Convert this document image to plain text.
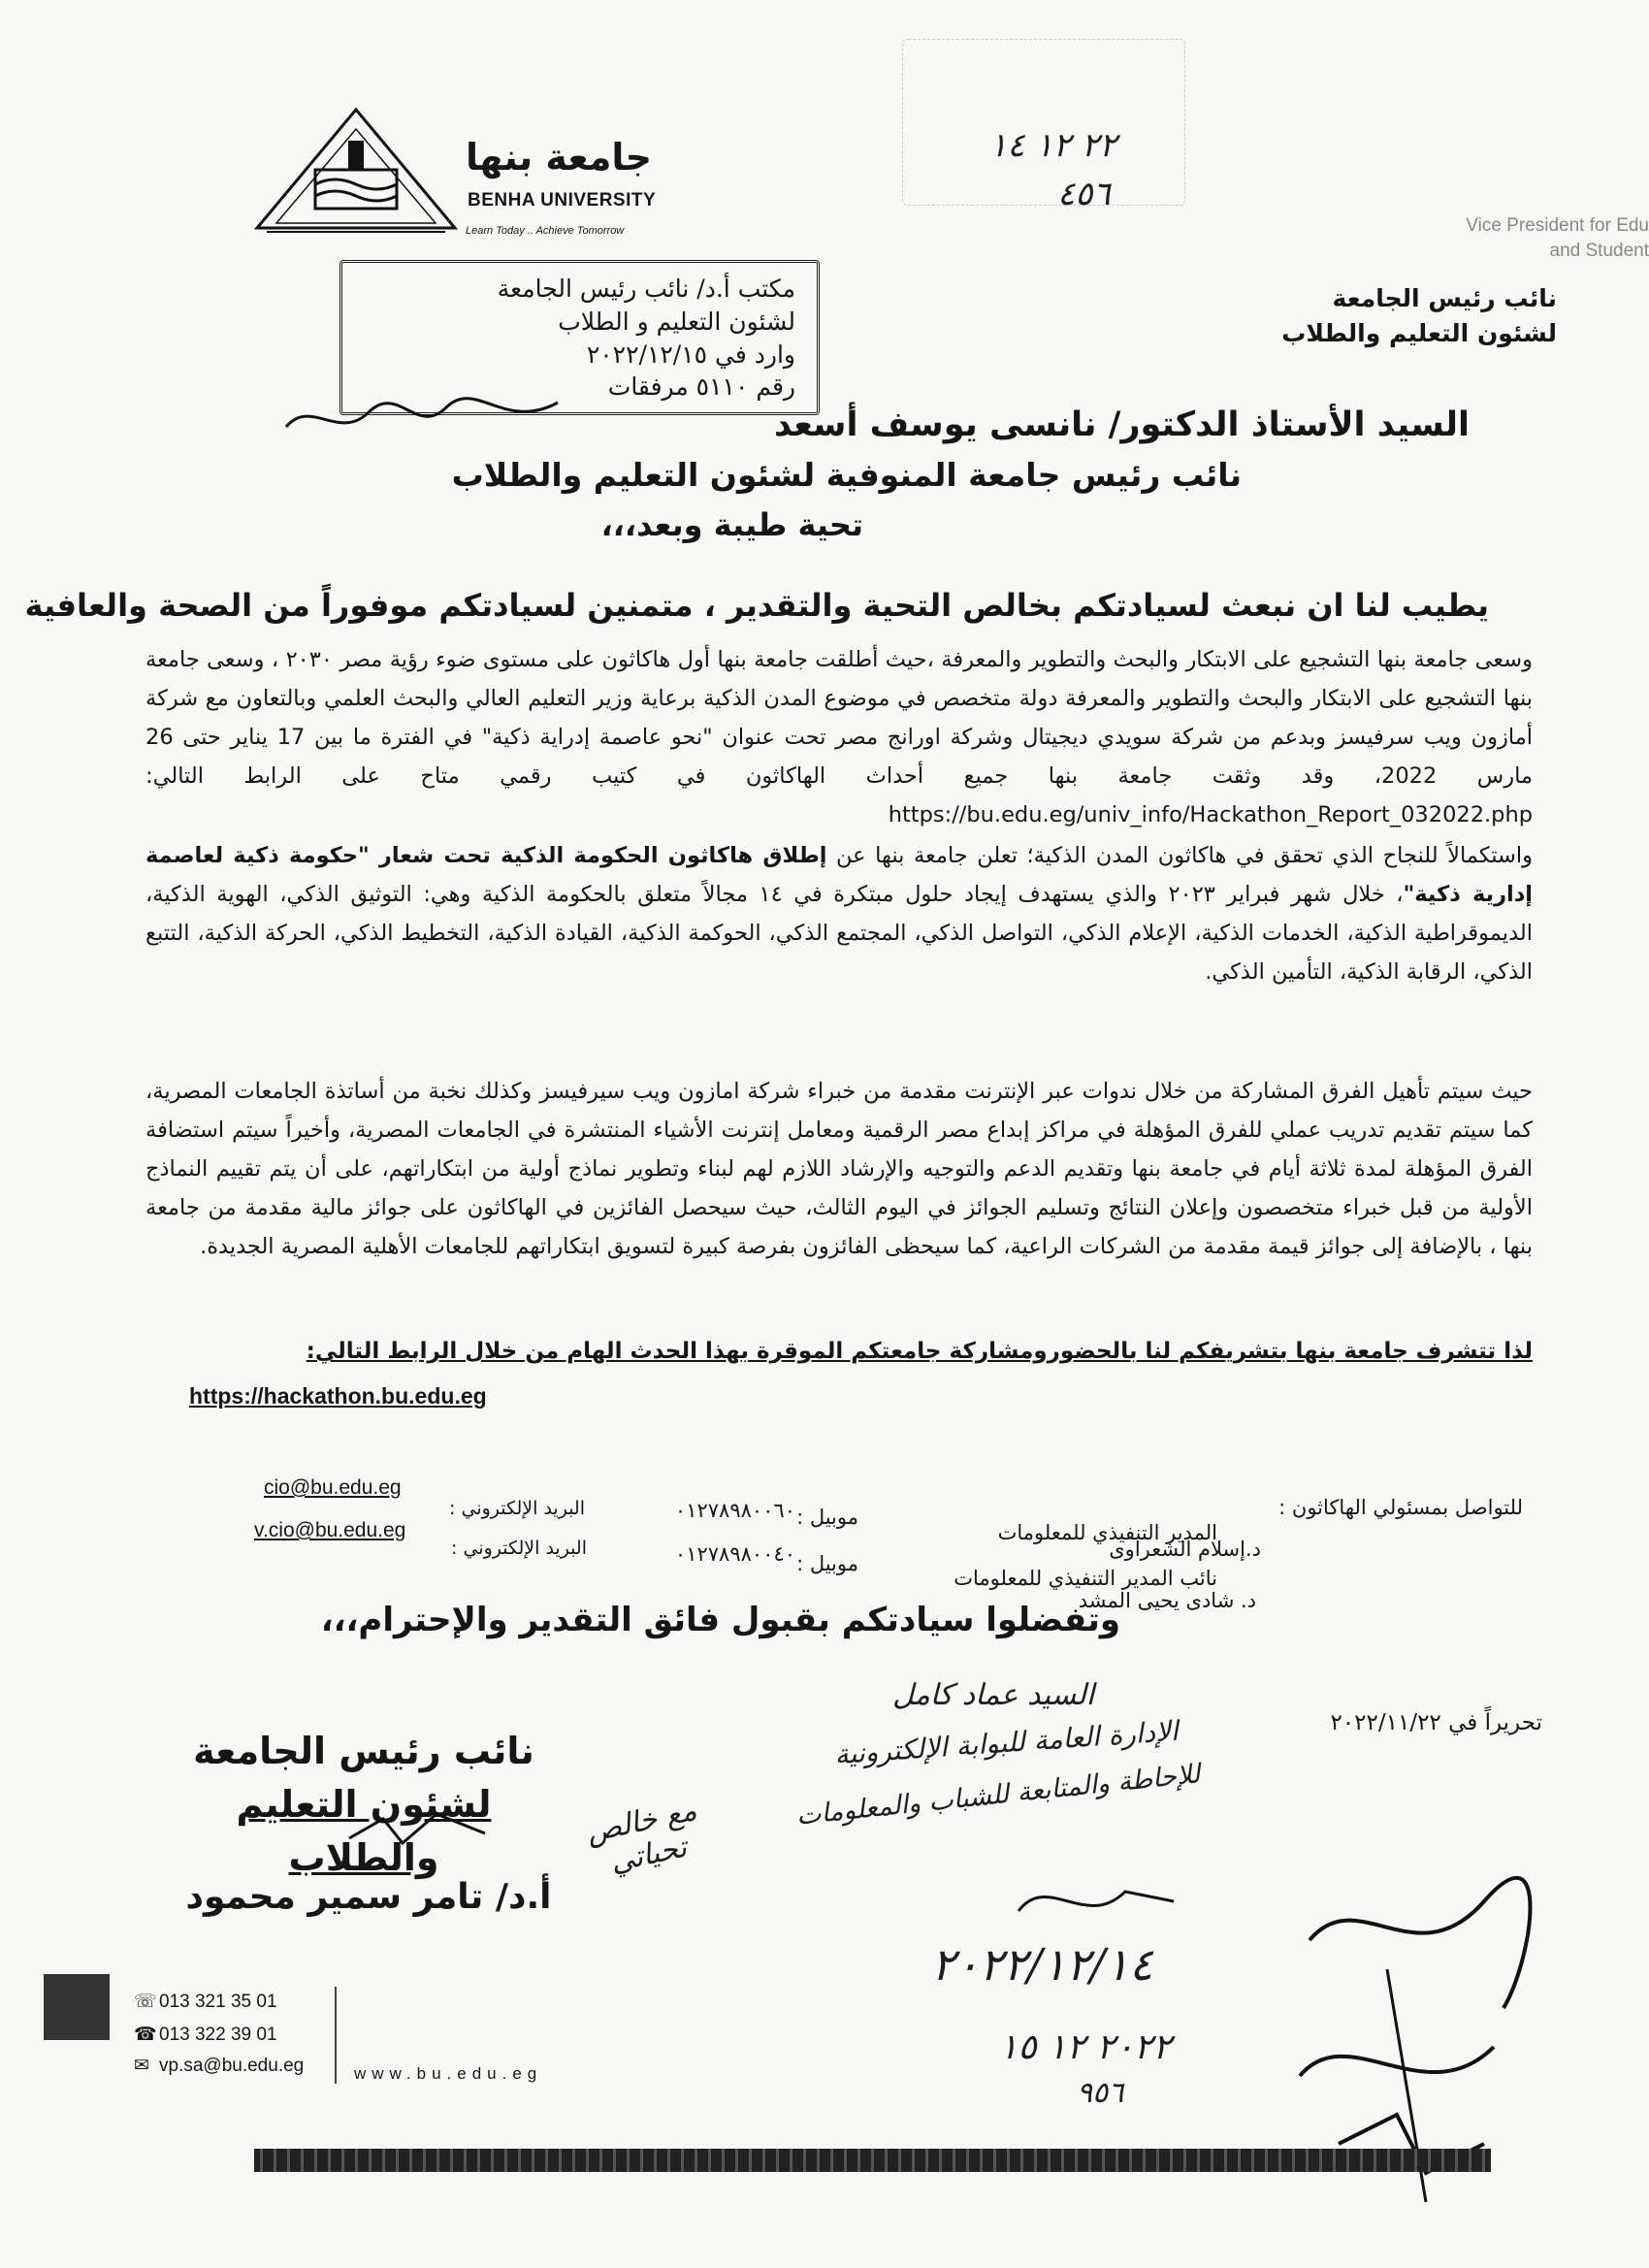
جامعة بنها
BENHA UNIVERSITY
Learn Today .. Achieve Tomorrow
٢٢ ١٢ ١٤
٤٥٦
Vice President for Edu
and Student
نائب رئيس الجامعة
لشئون التعليم والطلاب
مكتب أ.د/ نائب رئيس الجامعة
لشئون التعليم و الطلاب
وارد في ٢٠٢٢/١٢/١٥
رقم ٥١١٠ مرفقات
السيد الأستاذ الدكتور/ نانسى يوسف أسعد
نائب رئيس جامعة المنوفية لشئون التعليم والطلاب
تحية طيبة وبعد،،،
يطيب لنا ان نبعث لسيادتكم بخالص التحية والتقدير ، متمنين لسيادتكم موفوراً من الصحة والعافية
وسعى جامعة بنها التشجيع على الابتكار والبحث والتطوير والمعرفة ،حيث أطلقت جامعة بنها أول هاكاثون على مستوى ضوء رؤية مصر ٢٠٣٠ ، وسعى جامعة بنها التشجيع على الابتكار والبحث والتطوير والمعرفة دولة متخصص في موضوع المدن الذكية برعاية وزير التعليم العالي والبحث العلمي وبالتعاون مع شركة أمازون ويب سرفيسز وبدعم من شركة سويدي ديجيتال وشركة اورانج مصر تحت عنوان "نحو عاصمة إدراية ذكية" في الفترة ما بين 17 يناير حتى 26 مارس 2022، وقد وثقت جامعة بنها جميع أحداث الهاكاثون في كتيب رقمي متاح على الرابط التالي: https://bu.edu.eg/univ_info/Hackathon_Report_032022.php
واستكمالاً للنجاح الذي تحقق في هاكاثون المدن الذكية؛ تعلن جامعة بنها عن إطلاق هاكاثون الحكومة الذكية تحت شعار "حكومة ذكية لعاصمة إدارية ذكية"، خلال شهر فبراير ٢٠٢٣ والذي يستهدف إيجاد حلول مبتكرة في ١٤ مجالاً متعلق بالحكومة الذكية وهي: التوثيق الذكي، الهوية الذكية، الديموقراطية الذكية، الخدمات الذكية، الإعلام الذكي، التواصل الذكي، المجتمع الذكي، الحوكمة الذكية، القيادة الذكية، التخطيط الذكي، الحركة الذكية، التتبع الذكي، الرقابة الذكية، التأمين الذكي.
حيث سيتم تأهيل الفرق المشاركة من خلال ندوات عبر الإنترنت مقدمة من خبراء شركة امازون ويب سيرفيسز وكذلك نخبة من أساتذة الجامعات المصرية، كما سيتم تقديم تدريب عملي للفرق المؤهلة في مراكز إبداع مصر الرقمية ومعامل إنترنت الأشياء المنتشرة في الجامعات المصرية، وأخيراً سيتم استضافة الفرق المؤهلة لمدة ثلاثة أيام في جامعة بنها وتقديم الدعم والتوجيه والإرشاد اللازم لهم لبناء وتطوير نماذج أولية من ابتكاراتهم، على أن يتم تقييم النماذج الأولية من قبل خبراء متخصصون وإعلان النتائج وتسليم الجوائز في اليوم الثالث، حيث سيحصل الفائزين في الهاكاثون على جوائز مالية مقدمة من جامعة بنها ، بالإضافة إلى جوائز قيمة مقدمة من الشركات الراعية، كما سيحظى الفائزون بفرصة كبيرة لتسويق ابتكاراتهم للجامعات الأهلية المصرية الجديدة.
لذا تتشرف جامعة بنها بتشريفكم لنا بالحضورومشاركة جامعتكم الموقرة بهذا الحدث الهام من خلال الرابط التالي:
https://hackathon.bu.edu.eg
للتواصل بمسئولي الهاكاثون :
د.إسلام الشعراوى
المدير التنفيذي للمعلومات
موبيل :
٠١٢٧٨٩٨٠٠٦٠
البريد الإلكتروني :
cio@bu.edu.eg
د. شادى يحيى المشد
نائب المدير التنفيذي للمعلومات
موبيل :
٠١٢٧٨٩٨٠٠٤٠
البريد الإلكتروني :
v.cio@bu.edu.eg
وتفضلوا سيادتكم بقبول فائق التقدير والإحترام،،،
تحريراً في ٢٠٢٢/١١/٢٢
نائب رئيس الجامعة
لشئون التعليم والطلاب
أ.د/ تامر سمير محمود
مع خالص تحياتي
السيد عماد كامل
الإدارة العامة للبوابة الإلكترونية
للإحاطة والمتابعة للشباب والمعلومات
٢٠٢٢/١٢/١٤
٢٠٢٢ ١٢ ١٥
٩٥٦
☏ 013 321 35 01
☎ 013 322 39 01
✉ vp.sa@bu.edu.eg	www.bu.edu.eg
